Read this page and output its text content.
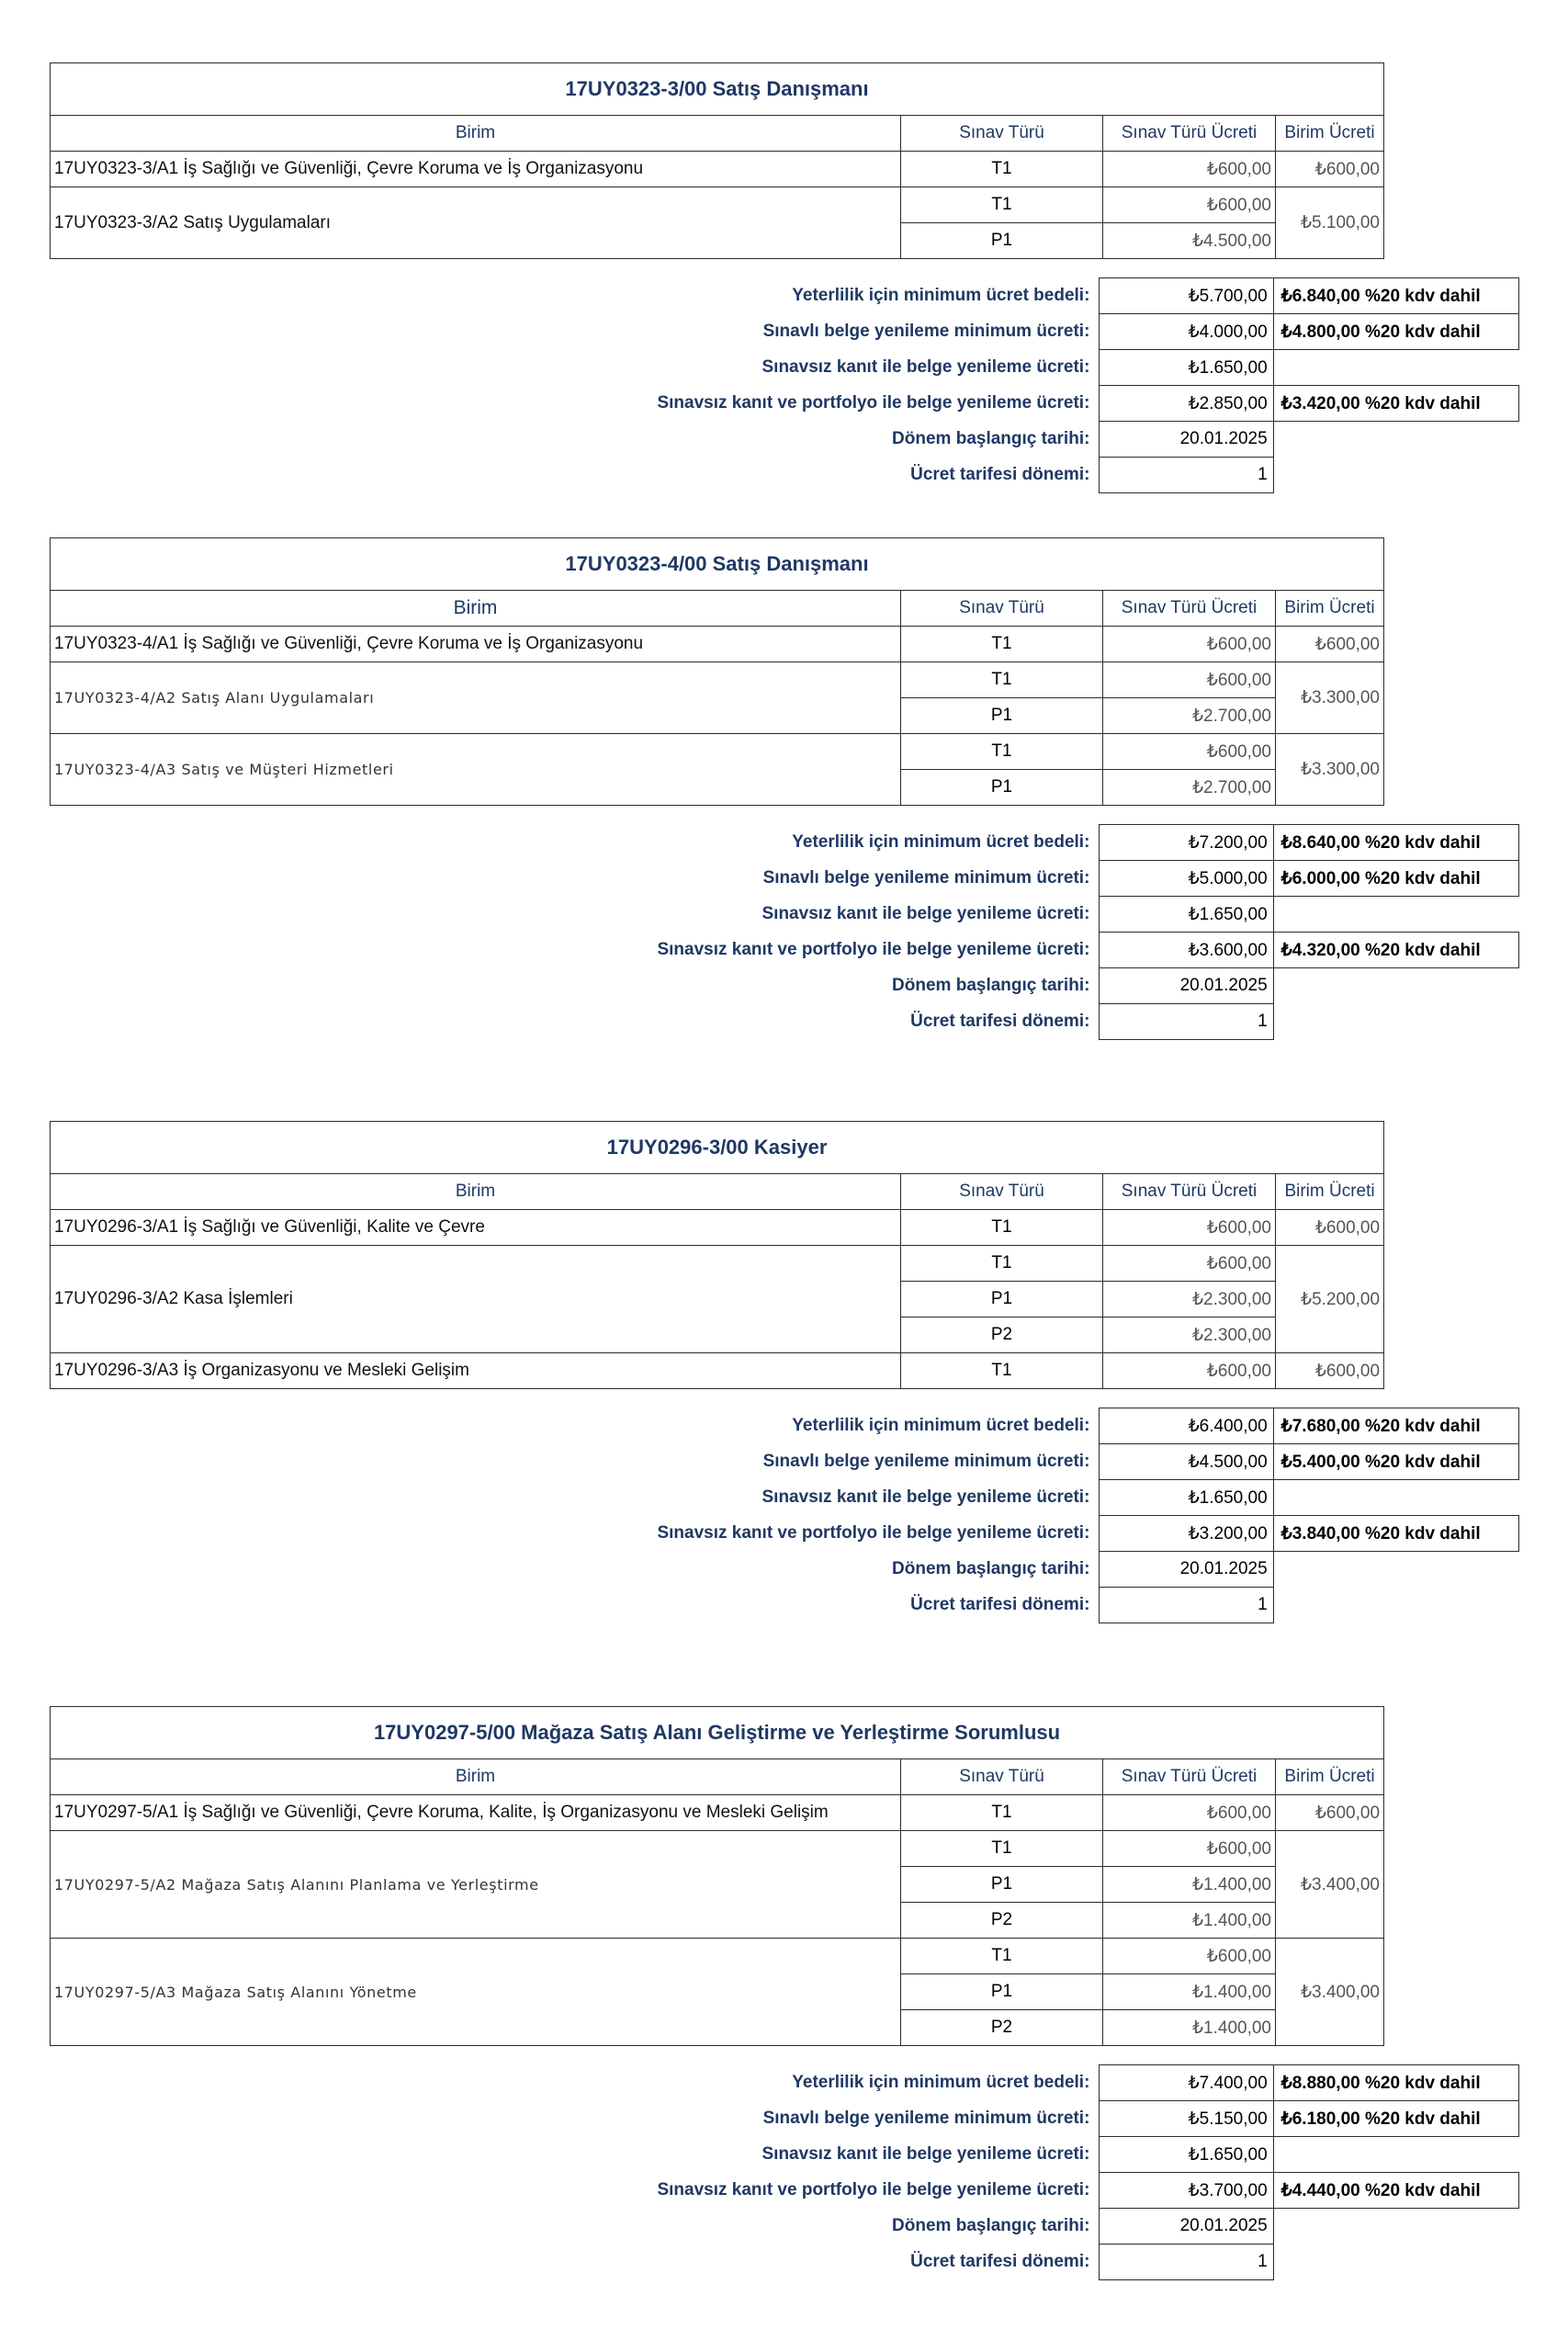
17UY0323-3/00 Satış Danışmanı			
Birim	Sınav Türü	Sınav Türü Ücreti	Birim Ücreti
17UY0323-3/A1 İş Sağlığı ve Güvenliği, Çevre Koruma ve İş Organizasyonu	T1	₺600,00	₺600,00
17UY0323-3/A2 Satış Uygulamaları	T1	₺600,00	₺5.100,00
	P1	₺4.500,00	
Yeterlilik için minimum ücret bedeli:	₺5.700,00	₺6.840,00 %20 kdv dahil
Sınavlı belge yenileme minimum ücreti:	₺4.000,00	₺4.800,00 %20 kdv dahil
Sınavsız kanıt ile belge yenileme ücreti:	₺1.650,00	
Sınavsız kanıt ve portfolyo ile belge yenileme ücreti:	₺2.850,00	₺3.420,00 %20 kdv dahil
Dönem başlangıç tarihi:	20.01.2025	
Ücret tarifesi dönemi:	1	
17UY0323-4/00 Satış Danışmanı			
Birim	Sınav Türü	Sınav Türü Ücreti	Birim Ücreti
17UY0323-4/A1 İş Sağlığı ve Güvenliği, Çevre Koruma ve İş Organizasyonu	T1	₺600,00	₺600,00
17UY0323-4/A2 Satış Alanı Uygulamaları	T1	₺600,00	₺3.300,00
	P1	₺2.700,00	
17UY0323-4/A3 Satış ve Müşteri Hizmetleri	T1	₺600,00	₺3.300,00
	P1	₺2.700,00	
Yeterlilik için minimum ücret bedeli:	₺7.200,00	₺8.640,00 %20 kdv dahil
Sınavlı belge yenileme minimum ücreti:	₺5.000,00	₺6.000,00 %20 kdv dahil
Sınavsız kanıt ile belge yenileme ücreti:	₺1.650,00	
Sınavsız kanıt ve portfolyo ile belge yenileme ücreti:	₺3.600,00	₺4.320,00 %20 kdv dahil
Dönem başlangıç tarihi:	20.01.2025	
Ücret tarifesi dönemi:	1	
17UY0296-3/00 Kasiyer			
Birim	Sınav Türü	Sınav Türü Ücreti	Birim Ücreti
17UY0296-3/A1 İş Sağlığı ve Güvenliği, Kalite ve Çevre	T1	₺600,00	₺600,00
17UY0296-3/A2 Kasa İşlemleri	T1	₺600,00	₺5.200,00
	P1	₺2.300,00	
	P2	₺2.300,00	
17UY0296-3/A3 İş Organizasyonu ve Mesleki Gelişim	T1	₺600,00	₺600,00
Yeterlilik için minimum ücret bedeli:	₺6.400,00	₺7.680,00 %20 kdv dahil
Sınavlı belge yenileme minimum ücreti:	₺4.500,00	₺5.400,00 %20 kdv dahil
Sınavsız kanıt ile belge yenileme ücreti:	₺1.650,00	
Sınavsız kanıt ve portfolyo ile belge yenileme ücreti:	₺3.200,00	₺3.840,00 %20 kdv dahil
Dönem başlangıç tarihi:	20.01.2025	
Ücret tarifesi dönemi:	1	
17UY0297-5/00 Mağaza Satış Alanı Geliştirme ve Yerleştirme Sorumlusu			
Birim	Sınav Türü	Sınav Türü Ücreti	Birim Ücreti
17UY0297-5/A1 İş Sağlığı ve Güvenliği, Çevre Koruma, Kalite, İş Organizasyonu ve Mesleki Gelişim	T1	₺600,00	₺600,00
17UY0297-5/A2 Mağaza Satış Alanını Planlama ve Yerleştirme	T1	₺600,00	₺3.400,00
	P1	₺1.400,00	
	P2	₺1.400,00	
17UY0297-5/A3 Mağaza Satış Alanını Yönetme	T1	₺600,00	₺3.400,00
	P1	₺1.400,00	
	P2	₺1.400,00	
Yeterlilik için minimum ücret bedeli:	₺7.400,00	₺8.880,00 %20 kdv dahil
Sınavlı belge yenileme minimum ücreti:	₺5.150,00	₺6.180,00 %20 kdv dahil
Sınavsız kanıt ile belge yenileme ücreti:	₺1.650,00	
Sınavsız kanıt ve portfolyo ile belge yenileme ücreti:	₺3.700,00	₺4.440,00 %20 kdv dahil
Dönem başlangıç tarihi:	20.01.2025	
Ücret tarifesi dönemi:	1	
